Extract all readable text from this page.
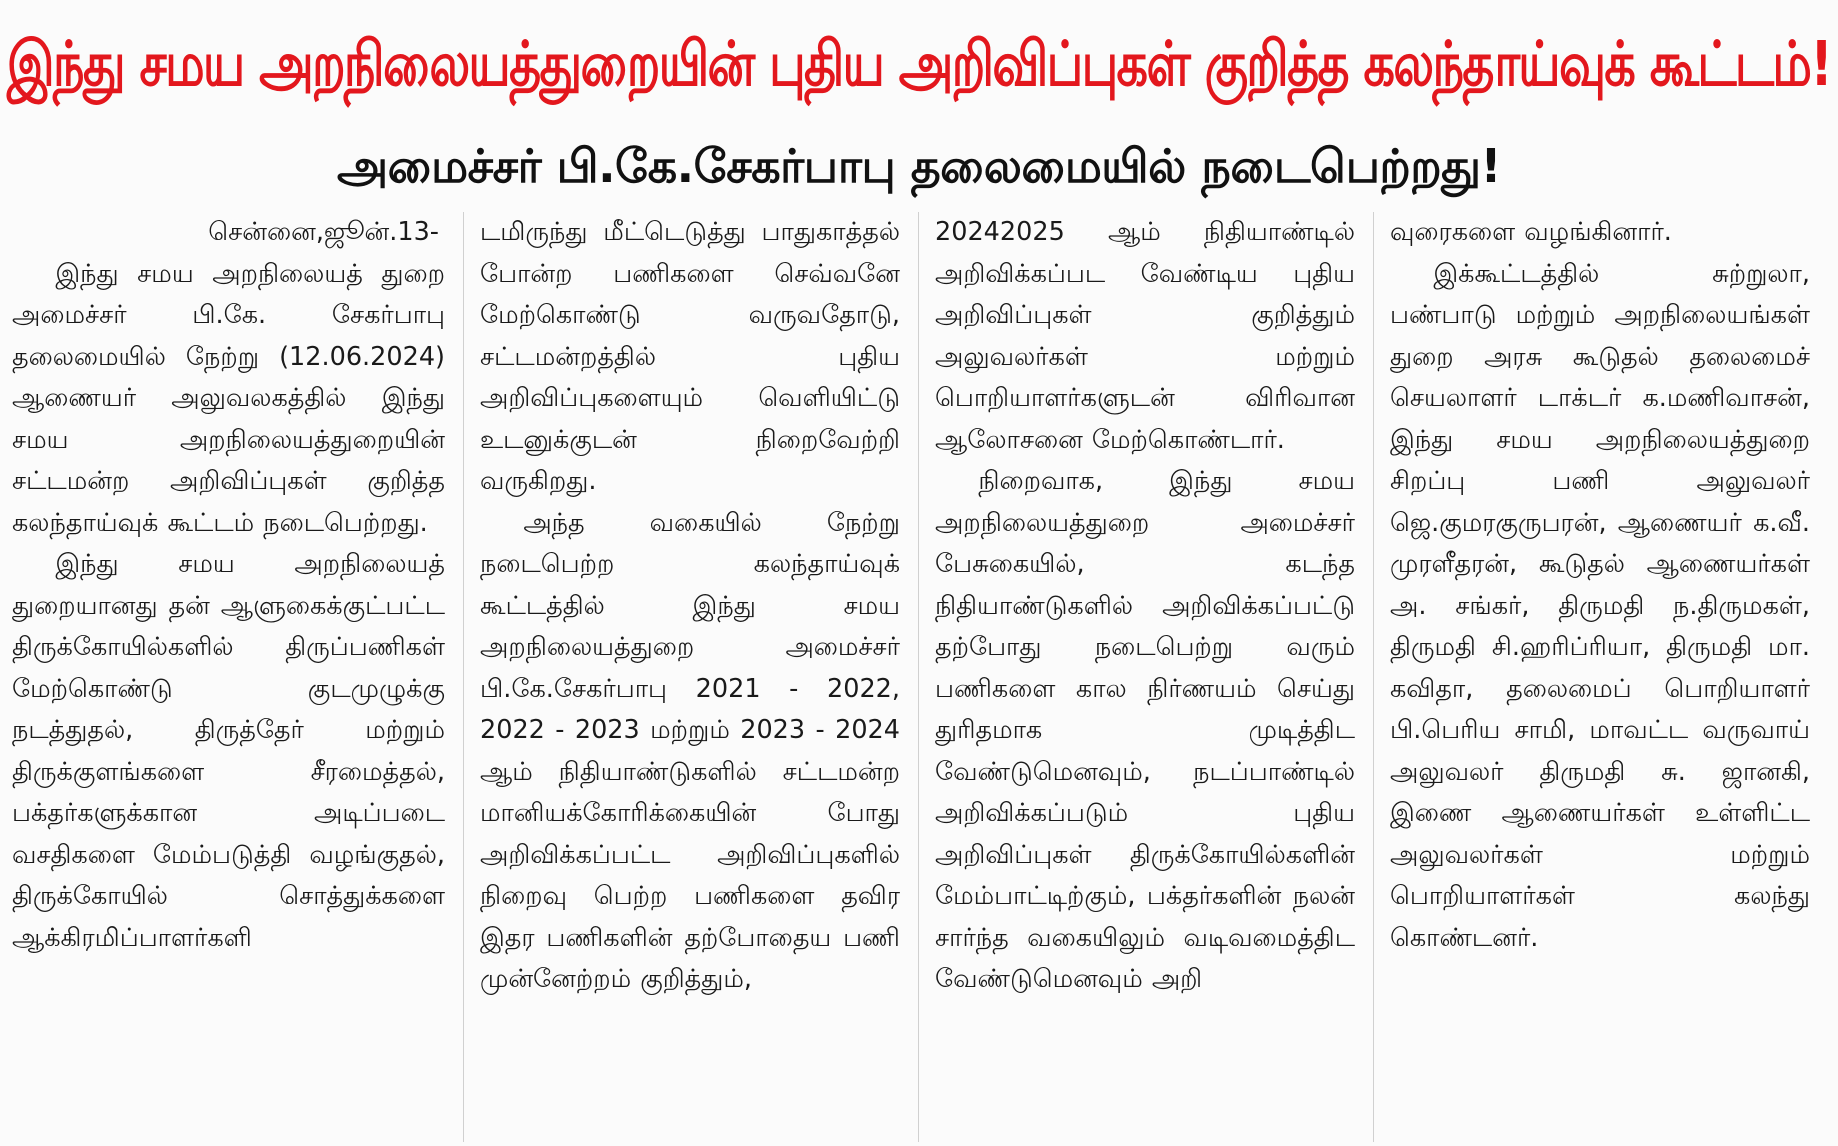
இந்து சமய அறநிலையத்துறையின் புதிய அறிவிப்புகள் குறித்த கலந்தாய்வுக் கூட்டம்!
அமைச்சர் பி.கே.சேகர்பாபு தலைமையில் நடைபெற்றது!

சென்னை,ஜூன்.13-

இந்து சமய அறநிலையத் துறை அமைச்சர் பி.கே. சேகர்பாபு தலைமையில் நேற்று (12.06.2024) ஆணையர் அலுவலகத்தில் இந்து சமய அறநிலையத்துறையின் சட்டமன்ற அறிவிப்புகள் குறித்த கலந்தாய்வுக் கூட்டம் நடைபெற்றது.

இந்து சமய அறநிலையத் துறையானது தன் ஆளுகைக்குட்பட்ட திருக்கோயில்களில் திருப்பணிகள் மேற்கொண்டு குடமுழுக்கு நடத்துதல், திருத்தேர் மற்றும் திருக்குளங்களை சீரமைத்தல், பக்தர்களுக்கான அடிப்படை வசதிகளை மேம்படுத்தி வழங்குதல், திருக்கோயில் சொத்துக்களை ஆக்கிரமிப்பாளர்களி

டமிருந்து மீட்டெடுத்து பாதுகாத்தல் போன்ற பணிகளை செவ்வனே மேற்கொண்டு வருவதோடு, சட்டமன்றத்தில் புதிய அறிவிப்புகளையும் வெளியிட்டு உடனுக்குடன் நிறைவேற்றி வருகிறது.

அந்த வகையில் நேற்று நடைபெற்ற கலந்தாய்வுக் கூட்டத்தில் இந்து சமய அறநிலையத்துறை அமைச்சர் பி.கே.சேகர்பாபு 2021 - 2022, 2022 - 2023 மற்றும் 2023 - 2024 ஆம் நிதியாண்டுகளில் சட்டமன்ற மானியக்கோரிக்கையின் போது அறிவிக்கப்பட்ட அறிவிப்புகளில் நிறைவு பெற்ற பணிகளை தவிர இதர பணிகளின் தற்போதைய பணி முன்னேற்றம் குறித்தும்,

20242025 ஆம் நிதியாண்டில் அறிவிக்கப்பட வேண்டிய புதிய அறிவிப்புகள் குறித்தும் அலுவலர்கள் மற்றும் பொறியாளர்களுடன் விரிவான ஆலோசனை மேற்கொண்டார்.

நிறைவாக, இந்து சமய அறநிலையத்துறை அமைச்சர் பேசுகையில், கடந்த நிதியாண்டுகளில் அறிவிக்கப்பட்டு தற்போது நடைபெற்று வரும் பணிகளை கால நிர்ணயம் செய்து துரிதமாக முடித்திட வேண்டுமெனவும், நடப்பாண்டில் அறிவிக்கப்படும் புதிய அறிவிப்புகள் திருக்கோயில்களின் மேம்பாட்டிற்கும், பக்தர்களின் நலன் சார்ந்த வகையிலும் வடிவமைத்திட வேண்டுமெனவும் அறி

வுரைகளை வழங்கினார்.

இக்கூட்டத்தில் சுற்றுலா, பண்பாடு மற்றும் அறநிலையங்கள் துறை அரசு கூடுதல் தலைமைச் செயலாளர் டாக்டர் க.மணிவாசன், இந்து சமய அறநிலையத்துறை சிறப்பு பணி அலுவலர் ஜெ.குமரகுருபரன், ஆணையர் க.வீ. முரளீதரன், கூடுதல் ஆணையர்கள் அ. சங்கர், திருமதி ந.திருமகள், திருமதி சி.ஹரிப்ரியா, திருமதி மா. கவிதா, தலைமைப் பொறியாளர் பி.பெரிய சாமி, மாவட்ட வருவாய் அலுவலர் திருமதி சு. ஜானகி, இணை ஆணையர்கள் உள்ளிட்ட அலுவலர்கள் மற்றும் பொறியாளர்கள் கலந்து கொண்டனர்.
